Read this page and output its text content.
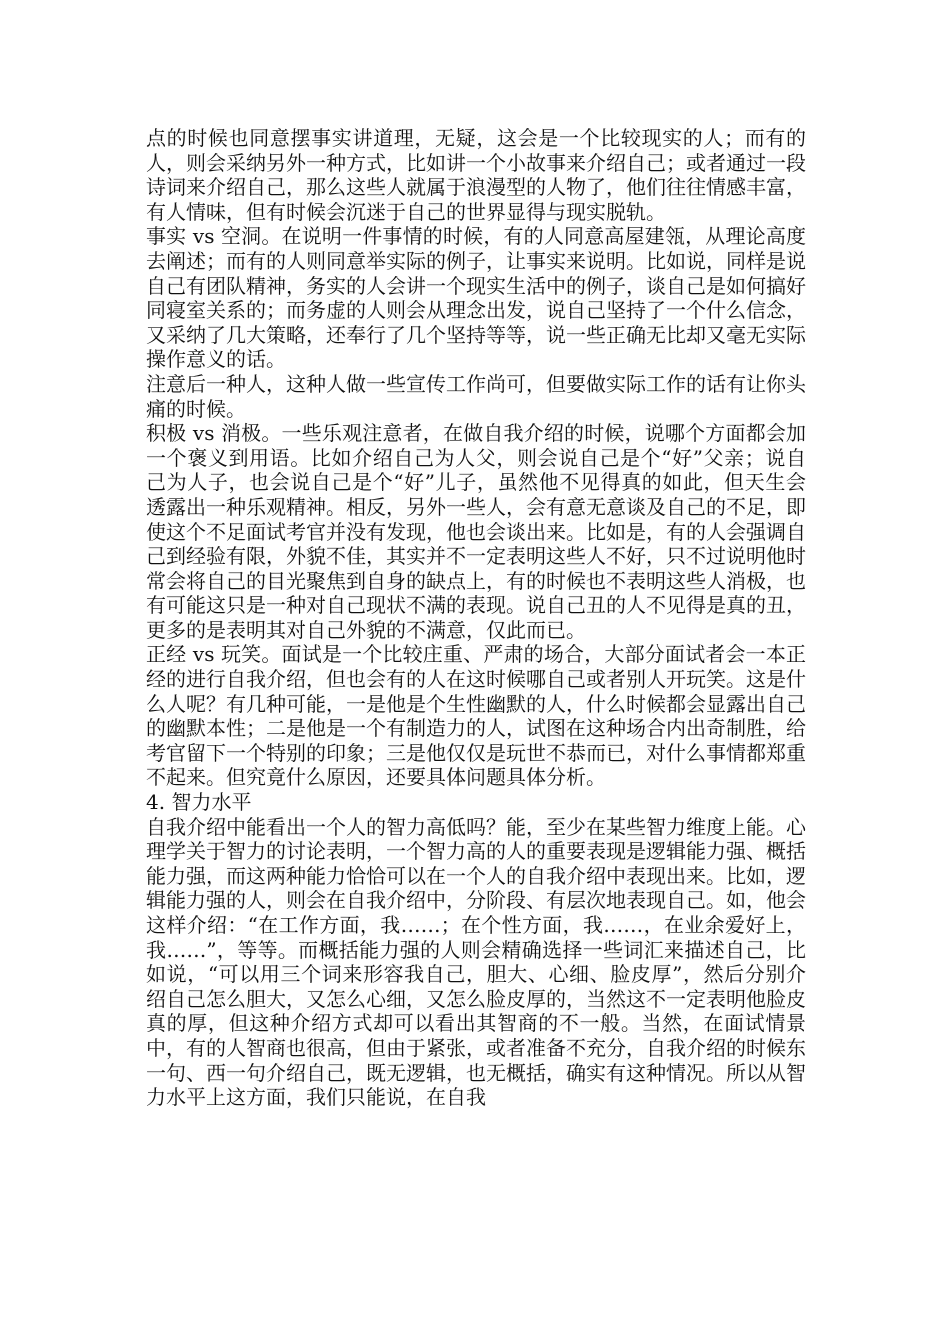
点的时候也同意摆事实讲道理，无疑，这会是一个比较现实的人；而有的人，则会采纳另外一种方式，比如讲一个小故事来介绍自己；或者通过一段诗词来介绍自己，那么这些人就属于浪漫型的人物了，他们往往情感丰富，有人情味，但有时候会沉迷于自己的世界显得与现实脱轨。

事实 vs 空洞。在说明一件事情的时候，有的人同意高屋建瓴，从理论高度去阐述；而有的人则同意举实际的例子，让事实来说明。比如说，同样是说自己有团队精神，务实的人会讲一个现实生活中的例子，谈自己是如何搞好同寝室关系的；而务虚的人则会从理念出发，说自己坚持了一个什么信念，又采纳了几大策略，还奉行了几个坚持等等，说一些正确无比却又毫无实际操作意义的话。

注意后一种人，这种人做一些宣传工作尚可，但要做实际工作的话有让你头痛的时候。

积极 vs 消极。一些乐观注意者，在做自我介绍的时候，说哪个方面都会加一个褒义到用语。比如介绍自己为人父，则会说自己是个“好”父亲；说自己为人子，也会说自己是个“好”儿子，虽然他不见得真的如此，但天生会透露出一种乐观精神。相反，另外一些人，会有意无意谈及自己的不足，即使这个不足面试考官并没有发现，他也会谈出来。比如是，有的人会强调自己到经验有限，外貌不佳，其实并不一定表明这些人不好，只不过说明他时常会将自己的目光聚焦到自身的缺点上，有的时候也不表明这些人消极，也有可能这只是一种对自己现状不满的表现。说自己丑的人不见得是真的丑，更多的是表明其对自己外貌的不满意，仅此而已。

正经 vs 玩笑。面试是一个比较庄重、严肃的场合，大部分面试者会一本正经的进行自我介绍，但也会有的人在这时候哪自己或者别人开玩笑。这是什么人呢？有几种可能，一是他是个生性幽默的人，什么时候都会显露出自己的幽默本性；二是他是一个有制造力的人，试图在这种场合内出奇制胜，给考官留下一个特别的印象；三是他仅仅是玩世不恭而已，对什么事情都郑重不起来。但究竟什么原因，还要具体问题具体分析。

4. 智力水平

自我介绍中能看出一个人的智力高低吗？能，至少在某些智力维度上能。心理学关于智力的讨论表明，一个智力高的人的重要表现是逻辑能力强、概括能力强，而这两种能力恰恰可以在一个人的自我介绍中表现出来。比如，逻辑能力强的人，则会在自我介绍中，分阶段、有层次地表现自己。如，他会这样介绍：“在工作方面，我……；在个性方面，我……，在业余爱好上，我……”，等等。而概括能力强的人则会精确选择一些词汇来描述自己，比如说，“可以用三个词来形容我自己，胆大、心细、脸皮厚”，然后分别介绍自己怎么胆大，又怎么心细，又怎么脸皮厚的，当然这不一定表明他脸皮真的厚，但这种介绍方式却可以看出其智商的不一般。当然，在面试情景中，有的人智商也很高，但由于紧张，或者准备不充分，自我介绍的时候东一句、西一句介绍自己，既无逻辑，也无概括，确实有这种情况。所以从智力水平上这方面，我们只能说，在自我
